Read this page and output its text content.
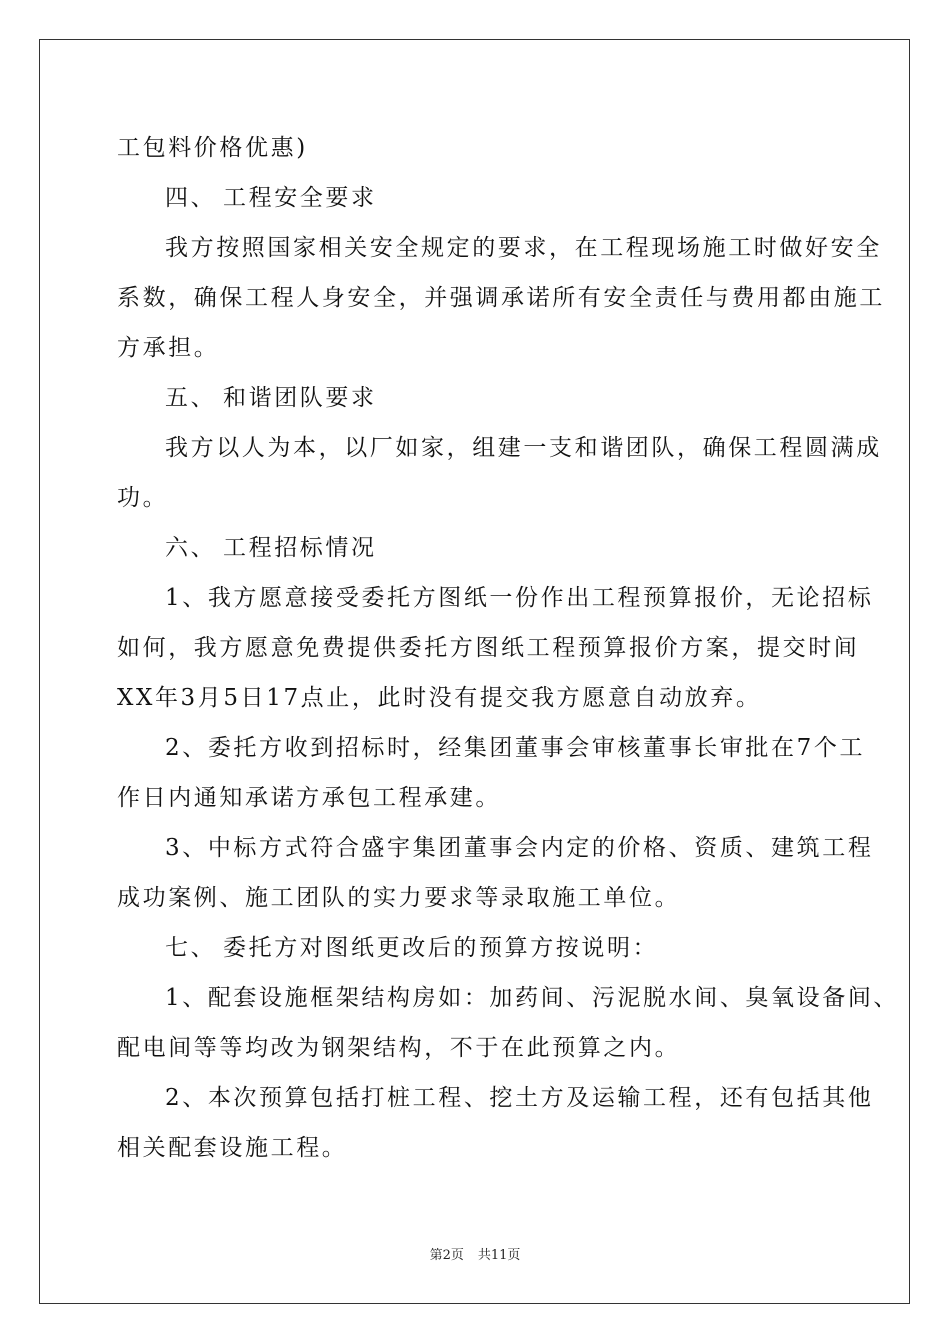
工包料价格优惠)
四、 工程安全要求
我方按照国家相关安全规定的要求，在工程现场施工时做好安全
系数，确保工程人身安全，并强调承诺所有安全责任与费用都由施工
方承担。
五、 和谐团队要求
我方以人为本，以厂如家，组建一支和谐团队，确保工程圆满成
功。
六、 工程招标情况
1、我方愿意接受委托方图纸一份作出工程预算报价，无论招标
如何，我方愿意免费提供委托方图纸工程预算报价方案，提交时间
XX年3月5日17点止，此时没有提交我方愿意自动放弃。
2、委托方收到招标时，经集团董事会审核董事长审批在7个工
作日内通知承诺方承包工程承建。
3、中标方式符合盛宇集团董事会内定的价格、资质、建筑工程
成功案例、施工团队的实力要求等录取施工单位。
七、 委托方对图纸更改后的预算方按说明：
1、配套设施框架结构房如：加药间、污泥脱水间、臭氧设备间、
配电间等等均改为钢架结构，不于在此预算之内。
2、本次预算包括打桩工程、挖土方及运输工程，还有包括其他
相关配套设施工程。
第2页 共11页
